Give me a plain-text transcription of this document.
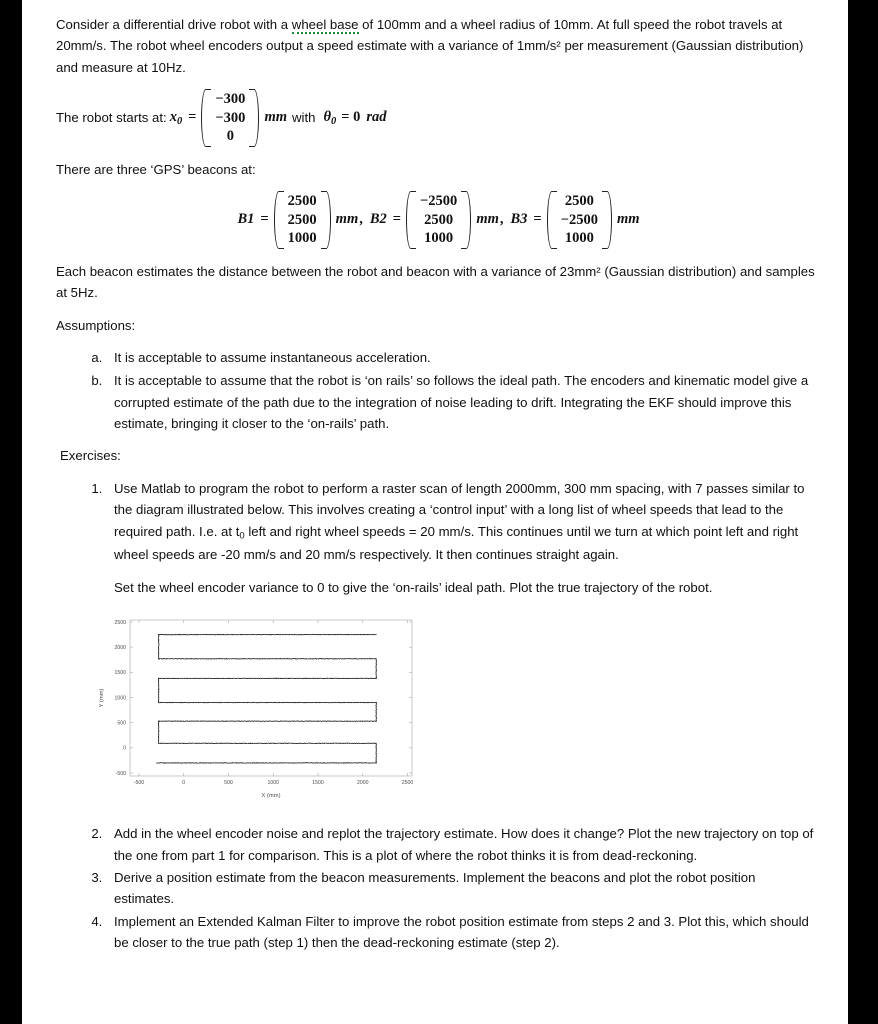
Consider a differential drive robot with a wheel base of 100mm and a wheel radius of 10mm. At full speed the robot travels at 20mm/s. The robot wheel encoders output a speed estimate with a variance of 1mm/s² per measurement (Gaussian distribution) and measure at 10Hz.

The robot starts at: $x_0$ =
−300
−300
0
mm with $\theta_0 = 0$ rad

There are three ‘GPS’ beacons at:

B1 =
2500
2500
1000
mm , B2 =
−2500
2500
1000
mm , B3 =
2500
−2500
1000
mm

Each beacon estimates the distance between the robot and beacon with a variance of 23mm² (Gaussian distribution) and samples at 5Hz.

Assumptions:

a. It is acceptable to assume instantaneous acceleration.
b. It is acceptable to assume that the robot is ‘on rails’ so follows the ideal path. The encoders and kinematic model give a corrupted estimate of the path due to the integration of noise leading to drift. Integrating the EKF should improve this estimate, bringing it closer to the ‘on-rails’ path.

Exercises:

1. Use Matlab to program the robot to perform a raster scan of length 2000mm, 300 mm spacing, with 7 passes similar to the diagram illustrated below. This involves creating a ‘control input’ with a long list of wheel speeds that lead to the required path. I.e. at $t_0$ left and right wheel speeds = 20 mm/s. This continues until we turn at which point left and right wheel speeds are -20 mm/s and 20 mm/s respectively. It then continues straight again.
Set the wheel encoder variance to 0 to give the ‘on-rails’ ideal path. Plot the true trajectory of the robot.
-500	0	500	1000	1500	2000	2500
-500
0
500
1000
1500
2000
2500
X (mm)
Y (mm)
2. Add in the wheel encoder noise and replot the trajectory estimate. How does it change? Plot the new trajectory on top of the one from part 1 for comparison. This is a plot of where the robot thinks it is from dead-reckoning.
3. Derive a position estimate from the beacon measurements. Implement the beacons and plot the robot position estimates.
4. Implement an Extended Kalman Filter to improve the robot position estimate from steps 2 and 3. Plot this, which should be closer to the true path (step 1) then the dead-reckoning estimate (step 2).
